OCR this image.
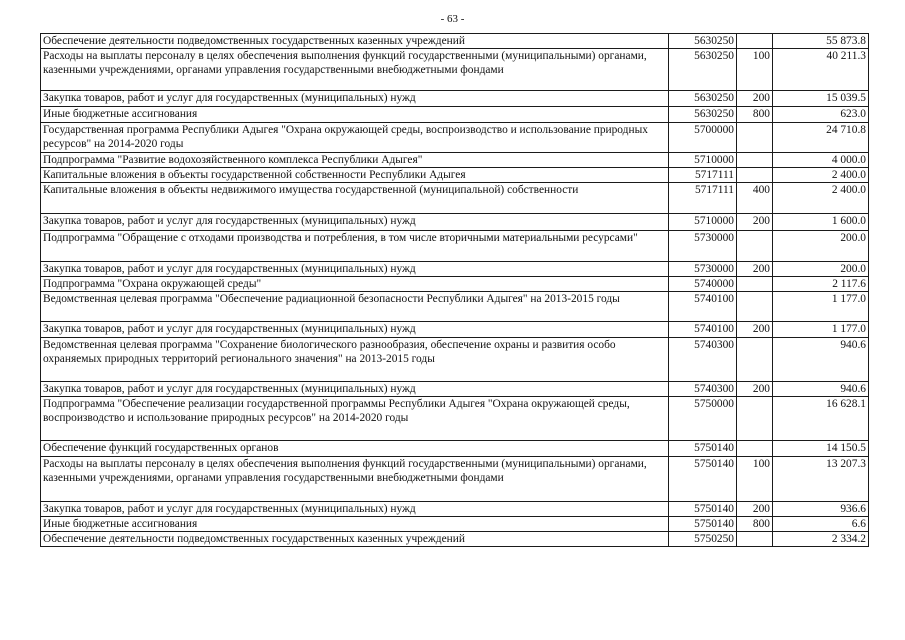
- 63 -
Обеспечение деятельности подведомственных государственных казенных учреждений	5630250		55 873.8
Расходы на выплаты персоналу в целях обеспечения выполнения функций государственными (муниципальными) органами, казенными учреждениями, органами управления государственными внебюджетными фондами	5630250	100	40 211.3
Закупка товаров, работ и услуг для государственных (муниципальных) нужд	5630250	200	15 039.5
Иные бюджетные ассигнования	5630250	800	623.0
Государственная программа Республики Адыгея "Охрана окружающей среды, воспроизводство и использование природных ресурсов" на 2014-2020 годы	5700000		24 710.8
Подпрограмма "Развитие водохозяйственного комплекса Республики Адыгея"	5710000		4 000.0
Капитальные вложения в объекты государственной собственности Республики Адыгея	5717111		2 400.0
Капитальные вложения в объекты недвижимого имущества государственной (муниципальной) собственности	5717111	400	2 400.0
Закупка товаров, работ и услуг для государственных (муниципальных) нужд	5710000	200	1 600.0
Подпрограмма "Обращение с отходами производства и потребления, в том числе вторичными материальными ресурсами"	5730000		200.0
Закупка товаров, работ и услуг для государственных (муниципальных) нужд	5730000	200	200.0
Подпрограмма "Охрана окружающей среды"	5740000		2 117.6
Ведомственная целевая программа "Обеспечение радиационной безопасности Республики Адыгея" на 2013-2015 годы	5740100		1 177.0
Закупка товаров, работ и услуг для государственных (муниципальных) нужд	5740100	200	1 177.0
Ведомственная целевая программа "Сохранение биологического разнообразия, обеспечение охраны и развития особо охраняемых природных территорий регионального значения" на 2013-2015 годы	5740300		940.6
Закупка товаров, работ и услуг для государственных (муниципальных) нужд	5740300	200	940.6
Подпрограмма "Обеспечение реализации государственной программы Республики Адыгея "Охрана окружающей среды, воспроизводство и использование природных ресурсов" на 2014-2020 годы	5750000		16 628.1
Обеспечение функций государственных органов	5750140		14 150.5
Расходы на выплаты персоналу в целях обеспечения выполнения функций государственными (муниципальными) органами, казенными учреждениями, органами управления государственными внебюджетными фондами	5750140	100	13 207.3
Закупка товаров, работ и услуг для государственных (муниципальных) нужд	5750140	200	936.6
Иные бюджетные ассигнования	5750140	800	6.6
Обеспечение деятельности подведомственных государственных казенных учреждений	5750250		2 334.2
